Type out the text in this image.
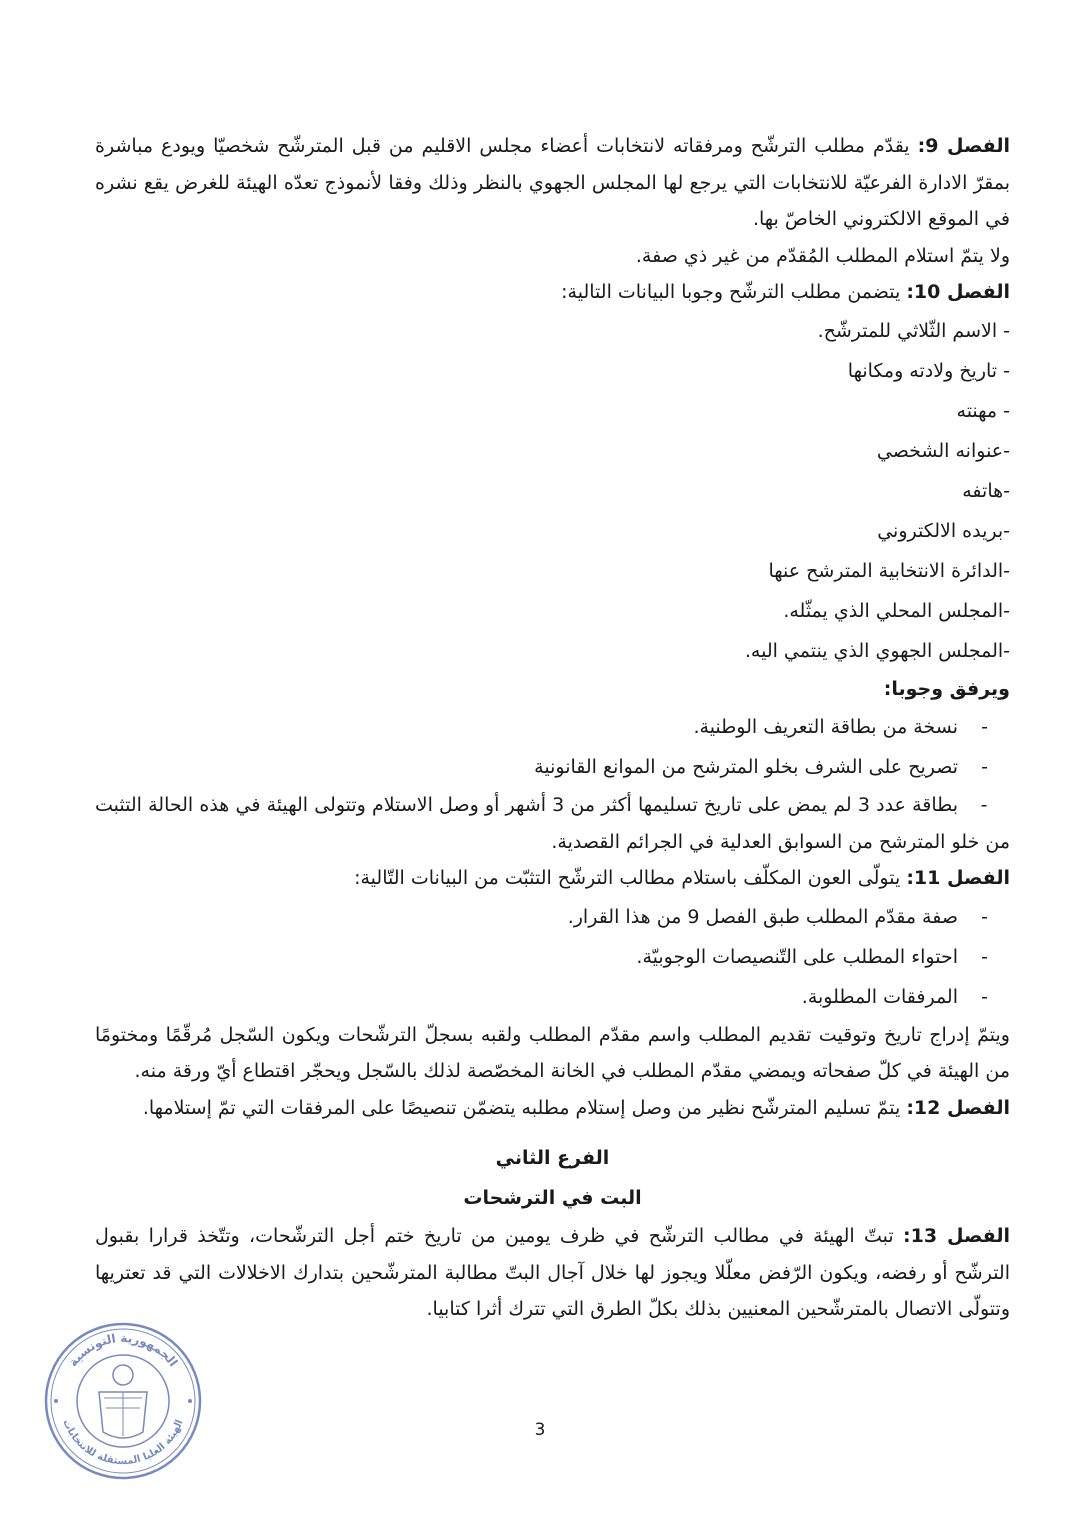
الفصل 9: يقدّم مطلب الترشّح ومرفقاته لانتخابات أعضاء مجلس الاقليم من قبل المترشّح شخصيّا ويودع مباشرة بمقرّ الادارة الفرعيّة للانتخابات التي يرجع لها المجلس الجهوي بالنظر وذلك وفقا لأنموذج تعدّه الهيئة للغرض يقع نشره في الموقع الالكتروني الخاصّ بها.

ولا يتمّ استلام المطلب المُقدّم من غير ذي صفة.

الفصل 10: يتضمن مطلب الترشّح وجوبا البيانات التالية:

- الاسم الثّلاثي للمترشّح.

- تاريخ ولادته ومكانها

- مهنته

-عنوانه الشخصي

-هاتفه

-بريده الالكتروني

-الدائرة الانتخابية المترشح عنها

-المجلس المحلي الذي يمثّله.

-المجلس الجهوي الذي ينتمي اليه.

ويرفق وجوبا:

-
نسخة من بطاقة التعريف الوطنية.

-
تصريح على الشرف بخلو المترشح من الموانع القانونية

-بطاقة عدد 3 لم يمض على تاريخ تسليمها أكثر من 3 أشهر أو وصل الاستلام وتتولى الهيئة في هذه الحالة التثبت من خلو المترشح من السوابق العدلية في الجرائم القصدية.

الفصل 11: يتولّى العون المكلّف باستلام مطالب الترشّح التثبّت من البيانات التّالية:

-
صفة مقدّم المطلب طبق الفصل 9 من هذا القرار.

-
احتواء المطلب على التّنصيصات الوجوبيّة.

-
المرفقات المطلوبة.

ويتمّ إدراج تاريخ وتوقيت تقديم المطلب واسم مقدّم المطلب ولقبه بسجلّ الترشّحات ويكون السّجل مُرقّمًا ومختومًا من الهيئة في كلّ صفحاته ويمضي مقدّم المطلب في الخانة المخصّصة لذلك بالسّجل ويحجّر اقتطاع أيّ ورقة منه.

الفصل 12: يتمّ تسليم المترشّح نظير من وصل إستلام مطلبه يتضمّن تنصيصًا على المرفقات التي تمّ إستلامها.

الفرع الثاني

البت في الترشحات

الفصل 13: تبتّ الهيئة في مطالب الترشّح في ظرف يومين من تاريخ ختم أجل الترشّحات، وتتّخذ قرارا بقبول الترشّح أو رفضه، ويكون الرّفض معلّلا ويجوز لها خلال آجال البتّ مطالبة المترشّحين بتدارك الاخلالات التي قد تعتريها وتتولّى الاتصال بالمترشّحين المعنيين بذلك بكلّ الطرق التي تترك أثرا كتابيا.

3
الجمهورية التونسية
الهيئة العليا المستقلة للانتخابات
